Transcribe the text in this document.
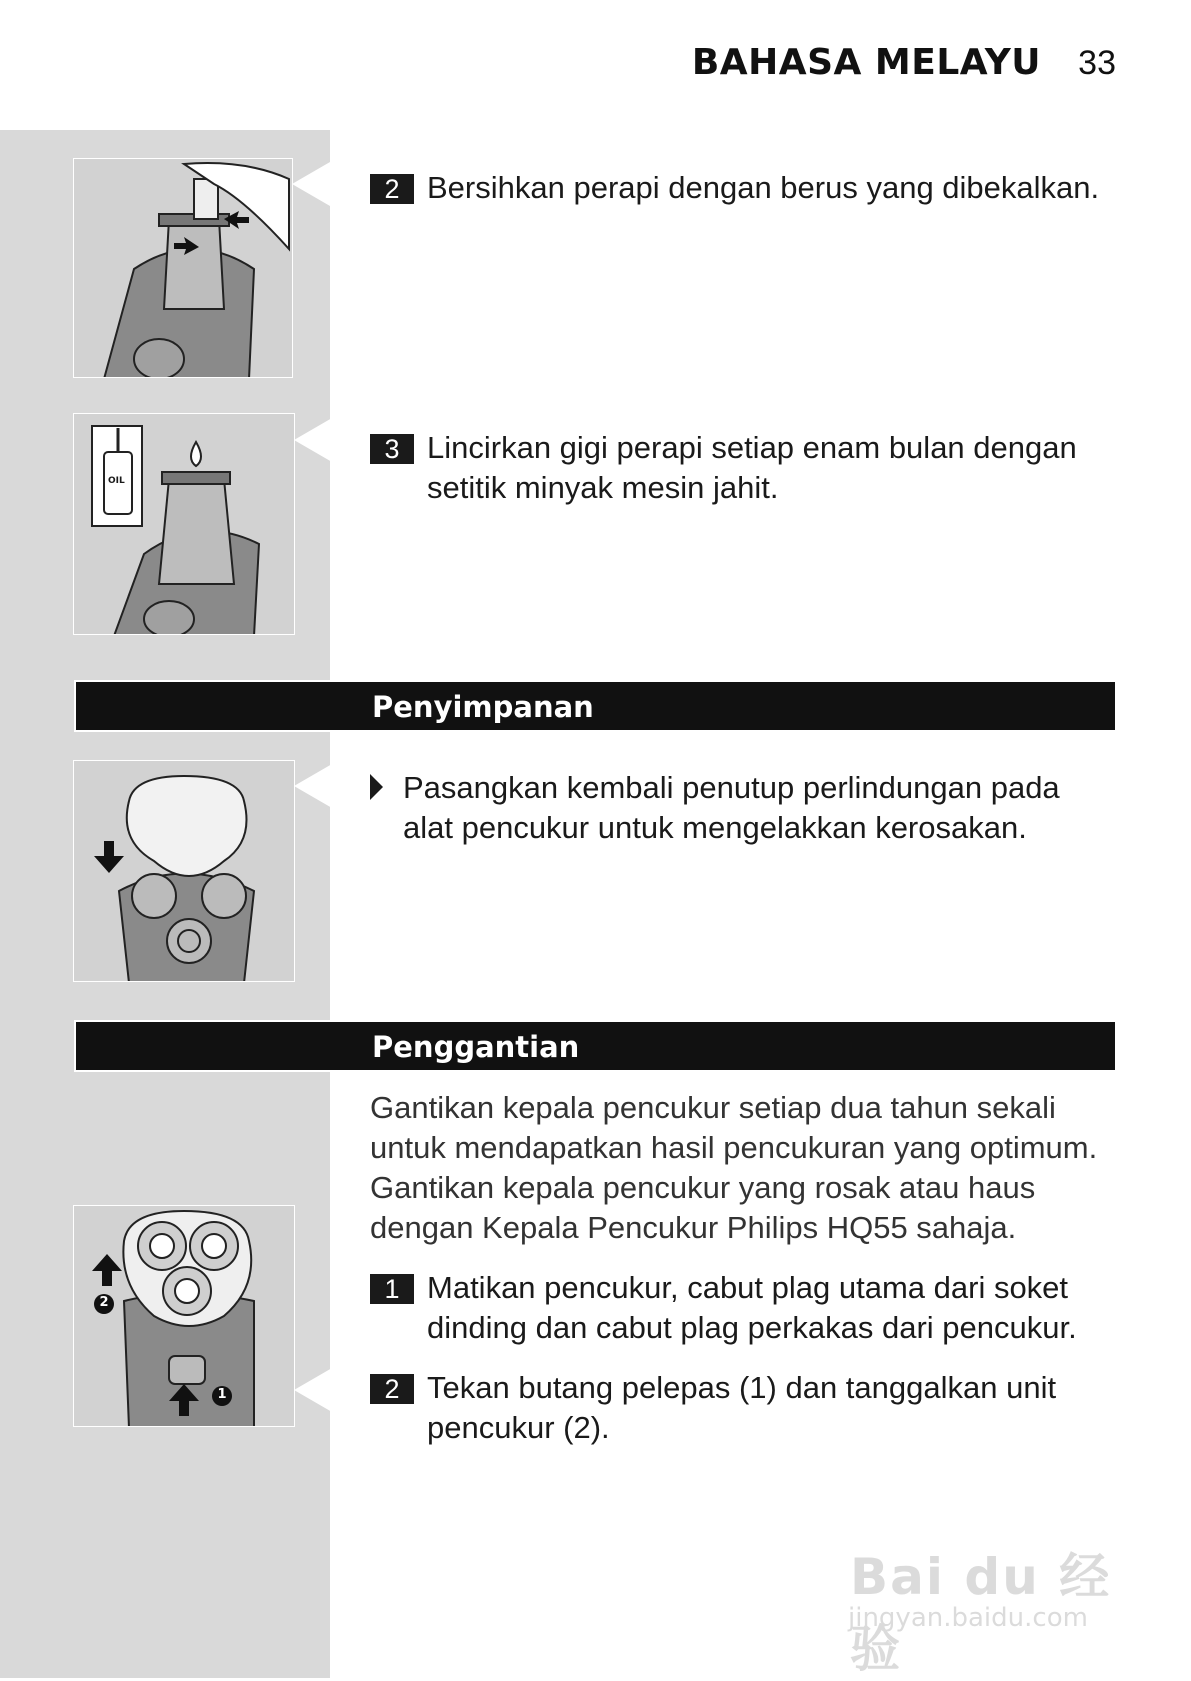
BAHASA MELAYU 33
2 Bersihkan perapi dengan berus yang dibekalkan.
OIL
3 Lincirkan gigi perapi setiap enam bulan dengan
setitik minyak mesin jahit.
Penyimpanan
Pasangkan kembali penutup perlindungan pada
alat pencukur untuk mengelakkan kerosakan.
Penggantian
Gantikan kepala pencukur setiap dua tahun sekali
untuk mendapatkan hasil pencukuran yang optimum.
Gantikan kepala pencukur yang rosak atau haus
dengan Kepala Pencukur Philips HQ55 sahaja.
2
1
1 Matikan pencukur, cabut plag utama dari soket
dinding dan cabut plag perkakas dari pencukur.
2 Tekan butang pelepas (1) dan tanggalkan unit
pencukur (2).
Bai du 经验
jingyan.baidu.com
